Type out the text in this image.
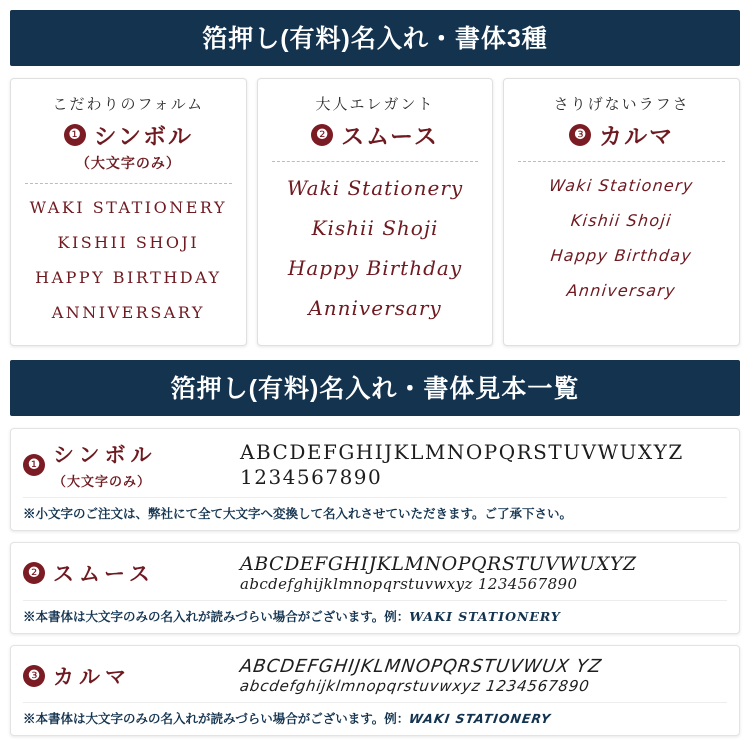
箔押し(有料)名入れ・書体3種
こだわりのフォルム
❶ シンボル
（大文字のみ）
WAKI STATIONERY
KISHII SHOJI
HAPPY BIRTHDAY
ANNIVERSARY
大人エレガント
❷ スムース
Waki Stationery
Kishii Shoji
Happy Birthday
Anniversary
さりげないラフさ
❸ カルマ
Waki Stationery
Kishii Shoji
Happy Birthday
Anniversary
箔押し(有料)名入れ・書体見本一覧
❶ シンボル
（大文字のみ）
ABCDEFGHIJKLMNOPQRSTUVWUXYZ
1234567890
※小文字のご注文は、弊社にて全て大文字へ変換して名入れさせていただきます。ご了承下さい。
❷ スムース	ABCDEFGHIJKLMNOPQRSTUVWUXYZ
abcdefghijklmnopqrstuvwxyz 1234567890
※本書体は大文字のみの名入れが読みづらい場合がございます。例：WAKI STATIONERY
❸ カルマ	ABCDEFGHIJKLMNOPQRSTUVWUX YZ
abcdefghijklmnopqrstuvwxyz 1234567890
※本書体は大文字のみの名入れが読みづらい場合がございます。例：WAKI STATIONERY
